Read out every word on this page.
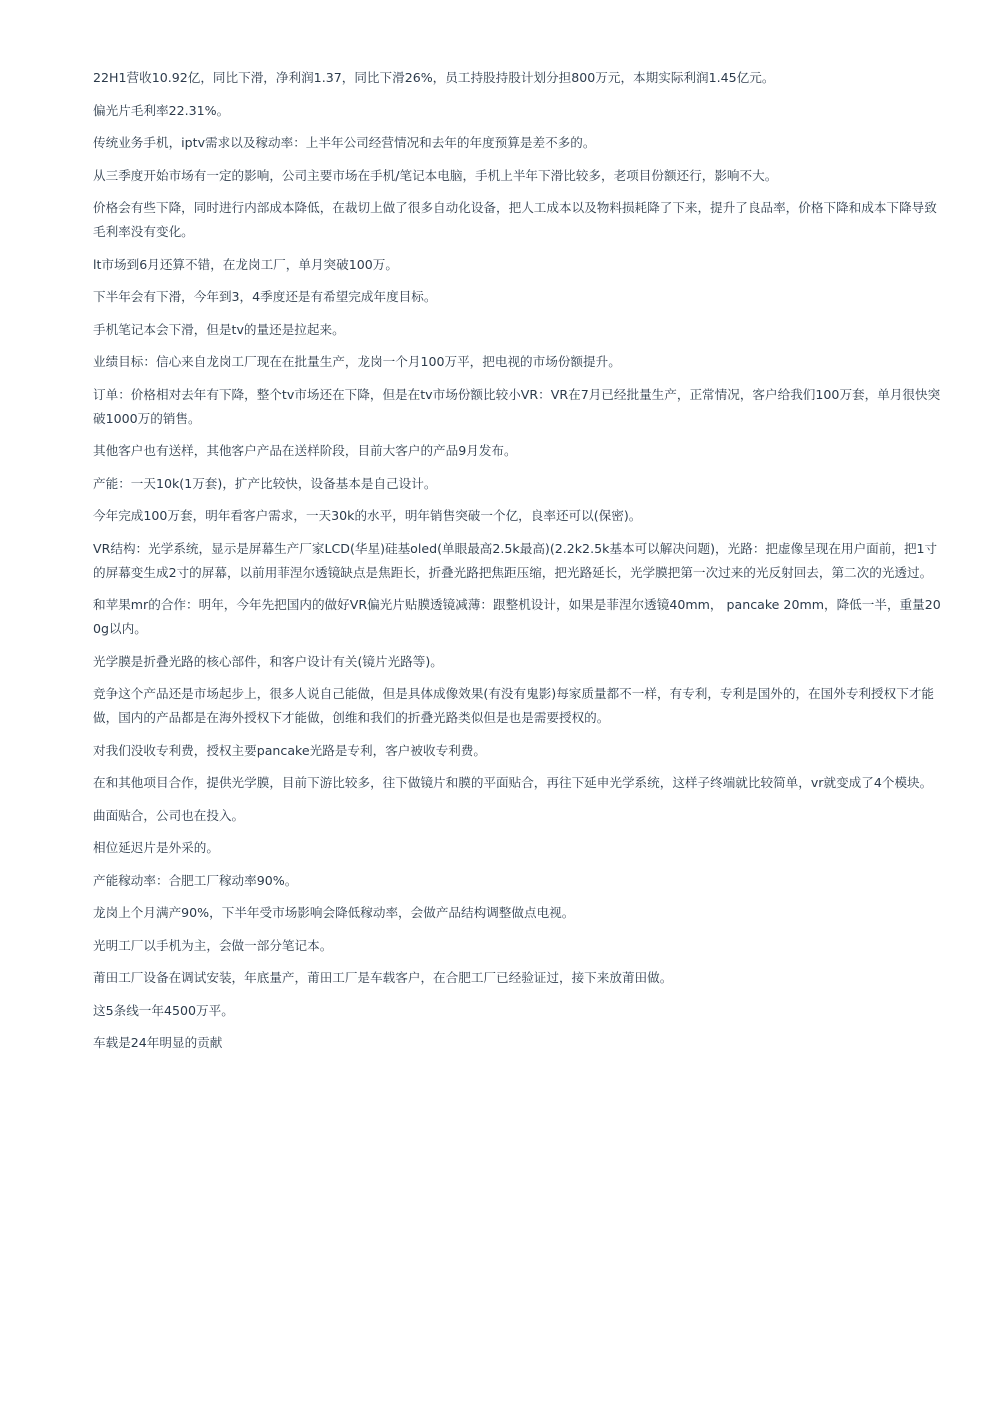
22H1营收10.92亿，同比下滑，净利润1.37，同比下滑26%，员工持股持股计划分担800万元，本期实际利润1.45亿元。

偏光片毛利率22.31%。

传统业务手机，iptv需求以及稼动率：上半年公司经营情况和去年的年度预算是差不多的。

从三季度开始市场有一定的影响，公司主要市场在手机/笔记本电脑，手机上半年下滑比较多，老项目份额还行，影响不大。

价格会有些下降，同时进行内部成本降低，在裁切上做了很多自动化设备，把人工成本以及物料损耗降了下来，提升了良品率，价格下降和成本下降导致毛利率没有变化。

lt市场到6月还算不错，在龙岗工厂，单月突破100万。

下半年会有下滑，今年到3，4季度还是有希望完成年度目标。

手机笔记本会下滑，但是tv的量还是拉起来。

业绩目标：信心来自龙岗工厂现在在批量生产，龙岗一个月100万平，把电视的市场份额提升。

订单：价格相对去年有下降，整个tv市场还在下降，但是在tv市场份额比较小VR：VR在7月已经批量生产，正常情况，客户给我们100万套，单月很快突破1000万的销售。

其他客户也有送样，其他客户产品在送样阶段，目前大客户的产品9月发布。

产能：一天10k(1万套)，扩产比较快，设备基本是自己设计。

今年完成100万套，明年看客户需求，一天30k的水平，明年销售突破一个亿，良率还可以(保密)。

VR结构：光学系统，显示是屏幕生产厂家LCD(华星)硅基oled(单眼最高2.5k最高)(2.2k2.5k基本可以解决问题)，光路：把虚像呈现在用户面前，把1寸的屏幕变生成2寸的屏幕，以前用菲涅尔透镜缺点是焦距长，折叠光路把焦距压缩，把光路延长，光学膜把第一次过来的光反射回去，第二次的光透过。

和苹果mr的合作：明年，今年先把国内的做好VR偏光片贴膜透镜减薄：跟整机设计，如果是菲涅尔透镜40mm， pancake 20mm，降低一半，重量200g以内。

光学膜是折叠光路的核心部件，和客户设计有关(镜片光路等)。

竞争这个产品还是市场起步上，很多人说自己能做，但是具体成像效果(有没有鬼影)每家质量都不一样，有专利，专利是国外的，在国外专利授权下才能做，国内的产品都是在海外授权下才能做，创维和我们的折叠光路类似但是也是需要授权的。

对我们没收专利费，授权主要pancake光路是专利，客户被收专利费。

在和其他项目合作，提供光学膜，目前下游比较多，往下做镜片和膜的平面贴合，再往下延申光学系统，这样子终端就比较简单，vr就变成了4个模块。

曲面贴合，公司也在投入。

相位延迟片是外采的。

产能稼动率：合肥工厂稼动率90%。

龙岗上个月满产90%，下半年受市场影响会降低稼动率，会做产品结构调整做点电视。

光明工厂以手机为主，会做一部分笔记本。

莆田工厂设备在调试安装，年底量产，莆田工厂是车载客户，在合肥工厂已经验证过，接下来放莆田做。

这5条线一年4500万平。

车载是24年明显的贡献
